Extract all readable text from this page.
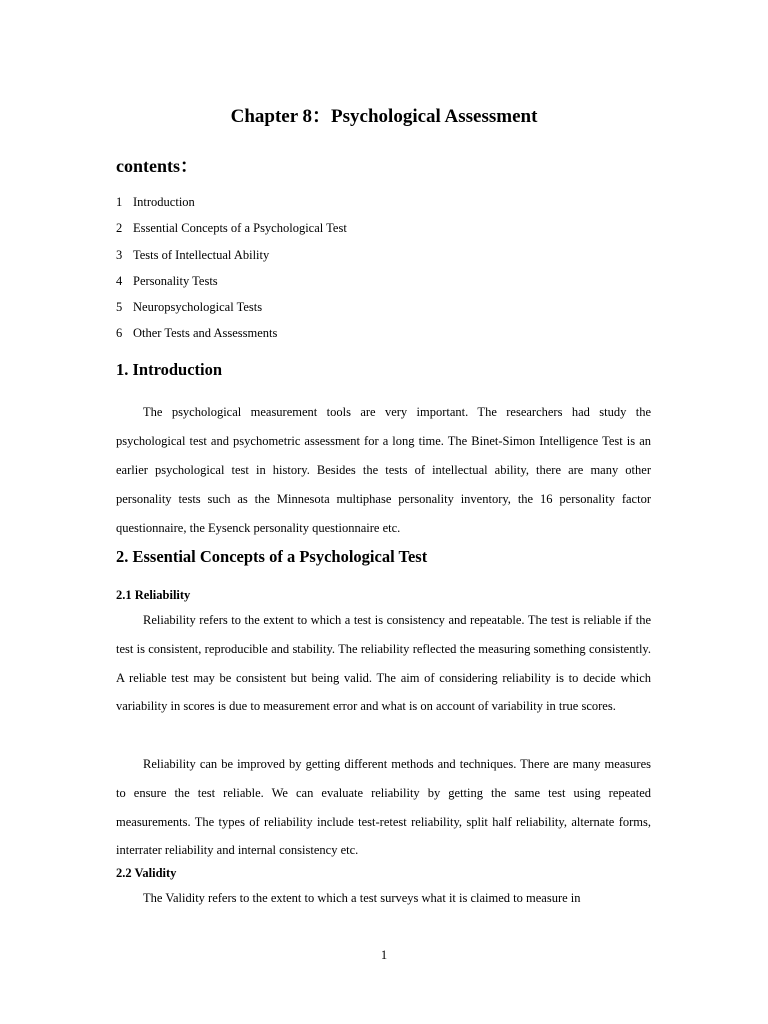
Chapter 8：Psychological Assessment
contents：
1 Introduction
2 Essential Concepts of a Psychological Test
3 Tests of Intellectual Ability
4 Personality Tests
5 Neuropsychological Tests
6 Other Tests and Assessments
1. Introduction

The psychological measurement tools are very important. The researchers had study the psychological test and psychometric assessment for a long time. The Binet-Simon Intelligence Test is an earlier psychological test in history. Besides the tests of intellectual ability, there are many other personality tests such as the Minnesota multiphase personality inventory, the 16 personality factor questionnaire, the Eysenck personality questionnaire etc.

2. Essential Concepts of a Psychological Test
2.1 Reliability

Reliability refers to the extent to which a test is consistency and repeatable. The test is reliable if the test is consistent, reproducible and stability. The reliability reflected the measuring something consistently. A reliable test may be consistent but being valid. The aim of considering reliability is to decide which variability in scores is due to measurement error and what is on account of variability in true scores.

Reliability can be improved by getting different methods and techniques. There are many measures to ensure the test reliable. We can evaluate reliability by getting the same test using repeated measurements. The types of reliability include test-retest reliability, split half reliability, alternate forms, interrater reliability and internal consistency etc.

2.2 Validity

The Validity refers to the extent to which a test surveys what it is claimed to measure in

1
